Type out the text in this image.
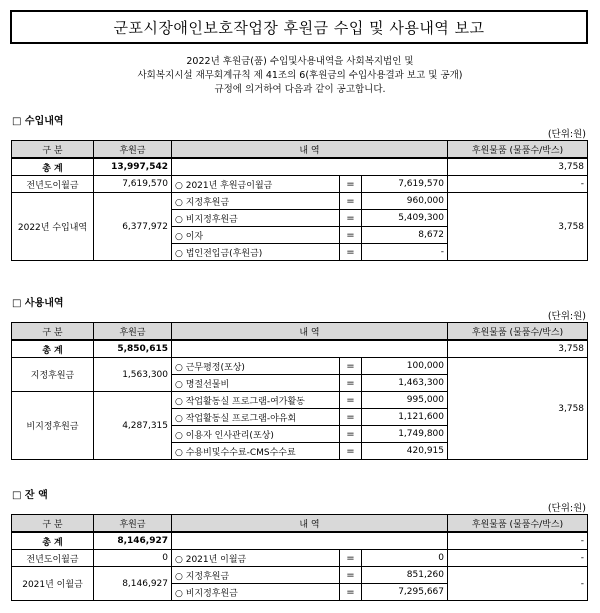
군포시장애인보호작업장 후원금 수입 및 사용내역 보고
2022년 후원금(품) 수입및사용내역을 사회복지법인 및
사회복지시설 재무회계규칙 제 41조의 6(후원금의 수입사용결과 보고 및 공개)
규정에 의거하여 다음과 같이 공고합니다.
□ 수입내역
(단위:원)
구 분	후원금	내 역			후원물품 (물품수/박스)
총 계	13,997,542				3,758
전년도이월금	7,619,570	○ 2021년 후원금이월금	=	7,619,570	-
2022년 수입내역	6,377,972	○ 지정후원금	=	960,000	3,758
		○ 비지정후원금	=	5,409,300	
		○ 이자	=	8,672	
		○ 법인전입금(후원금)	=	-	
□ 사용내역
(단위:원)
구 분	후원금	내 역			후원물품 (물품수/박스)
총 계	5,850,615				3,758
지정후원금	1,563,300	○ 근무평정(포상)	=	100,000	3,758
		○ 명절선물비	=	1,463,300	
비지정후원금	4,287,315	○ 작업활동실 프로그램-여가활동	=	995,000	
		○ 작업활동실 프로그램-야유회	=	1,121,600	
		○ 이용자 인사관리(포상)	=	1,749,800	
		○ 수용비및수수료-CMS수수료	=	420,915	
□ 잔 액
(단위:원)
구 분	후원금	내 역			후원물품 (물품수/박스)
총 계	8,146,927				-
전년도이월금	0	○ 2021년 이월금	=	0	-
2021년 이월금	8,146,927	○ 지정후원금	=	851,260	-
		○ 비지정후원금	=	7,295,667	
